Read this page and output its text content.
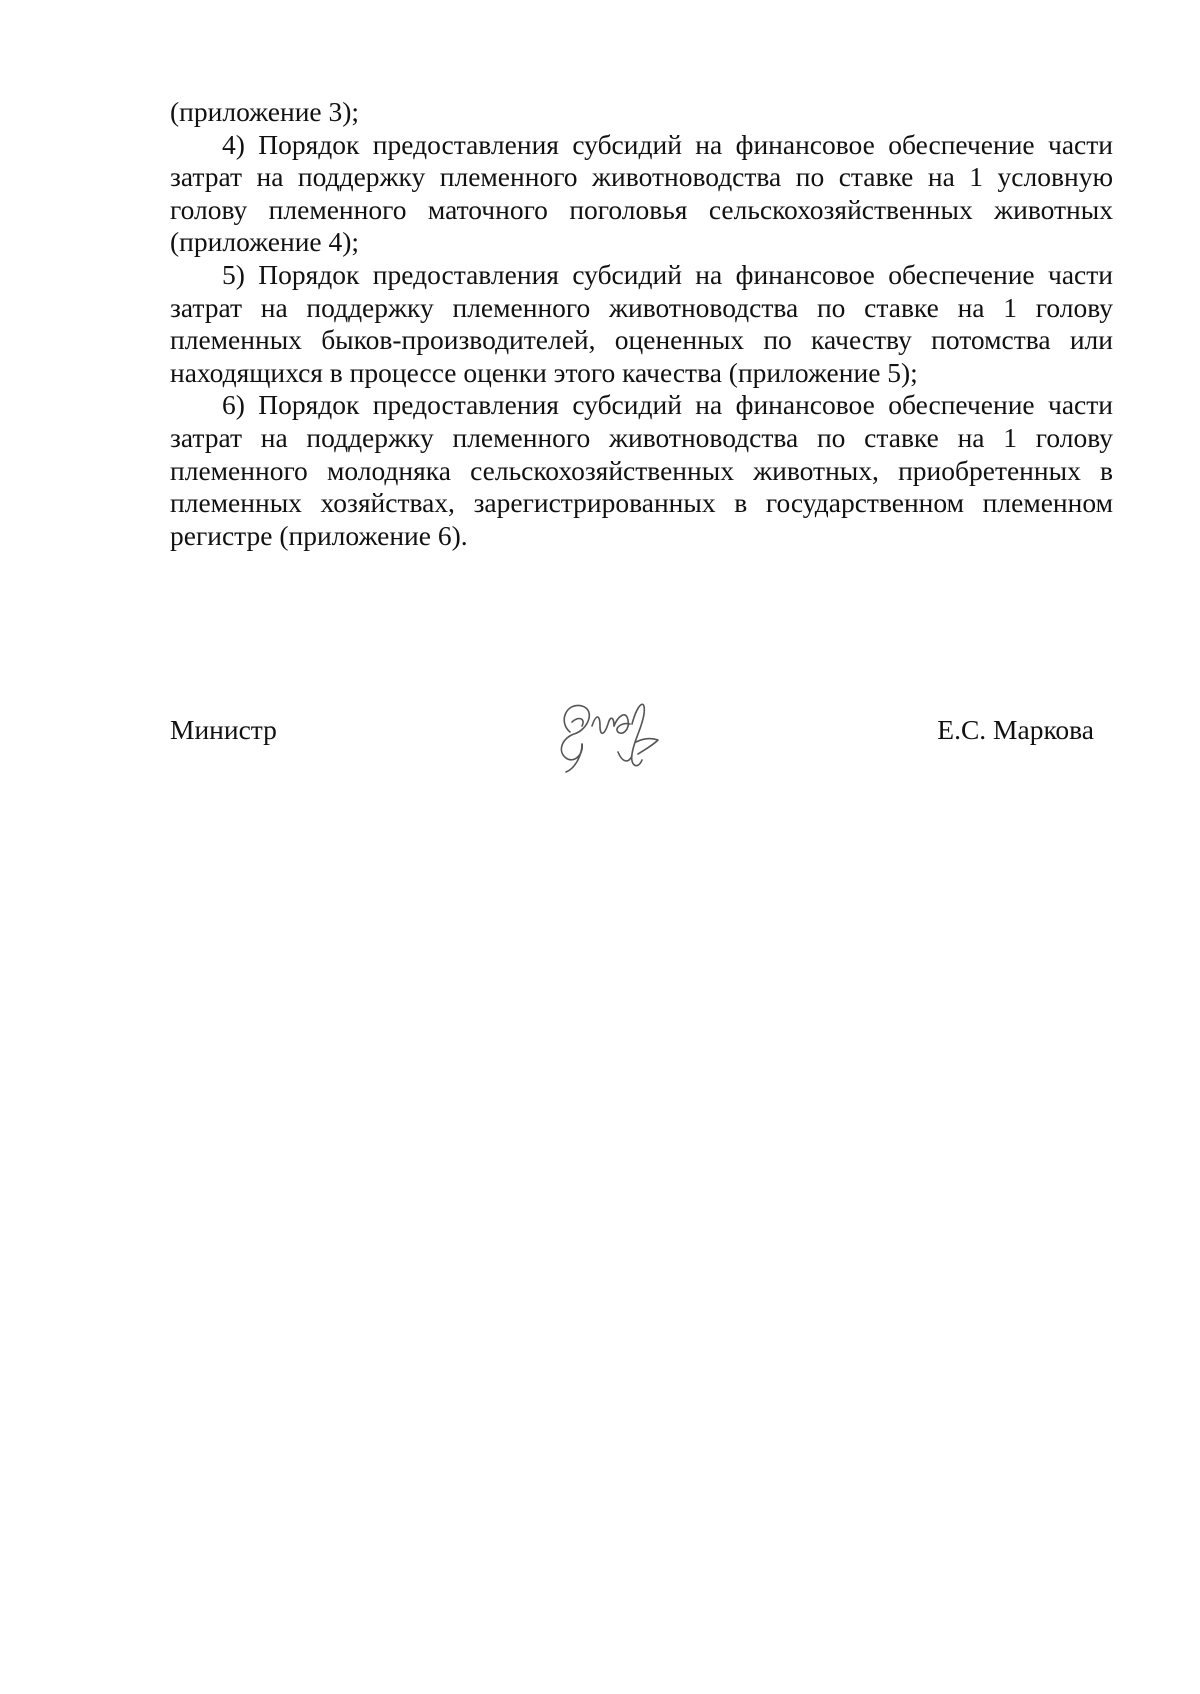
(приложение 3);

4) Порядок предоставления субсидий на финансовое обеспечение части затрат на поддержку племенного животноводства по ставке на 1 условную голову племенного маточного поголовья сельскохозяйственных животных (приложение 4);

5) Порядок предоставления субсидий на финансовое обеспечение части затрат на поддержку племенного животноводства по ставке на 1 голову племенных быков-производителей, оцененных по качеству потомства или находящихся в процессе оценки этого качества (приложение 5);

6) Порядок предоставления субсидий на финансовое обеспечение части затрат на поддержку племенного животноводства по ставке на 1 голову племенного молодняка сельскохозяйственных животных, приобретенных в племенных хозяйствах, зарегистрированных в государственном племенном регистре (приложение 6).

Министр	Е.С. Маркова
